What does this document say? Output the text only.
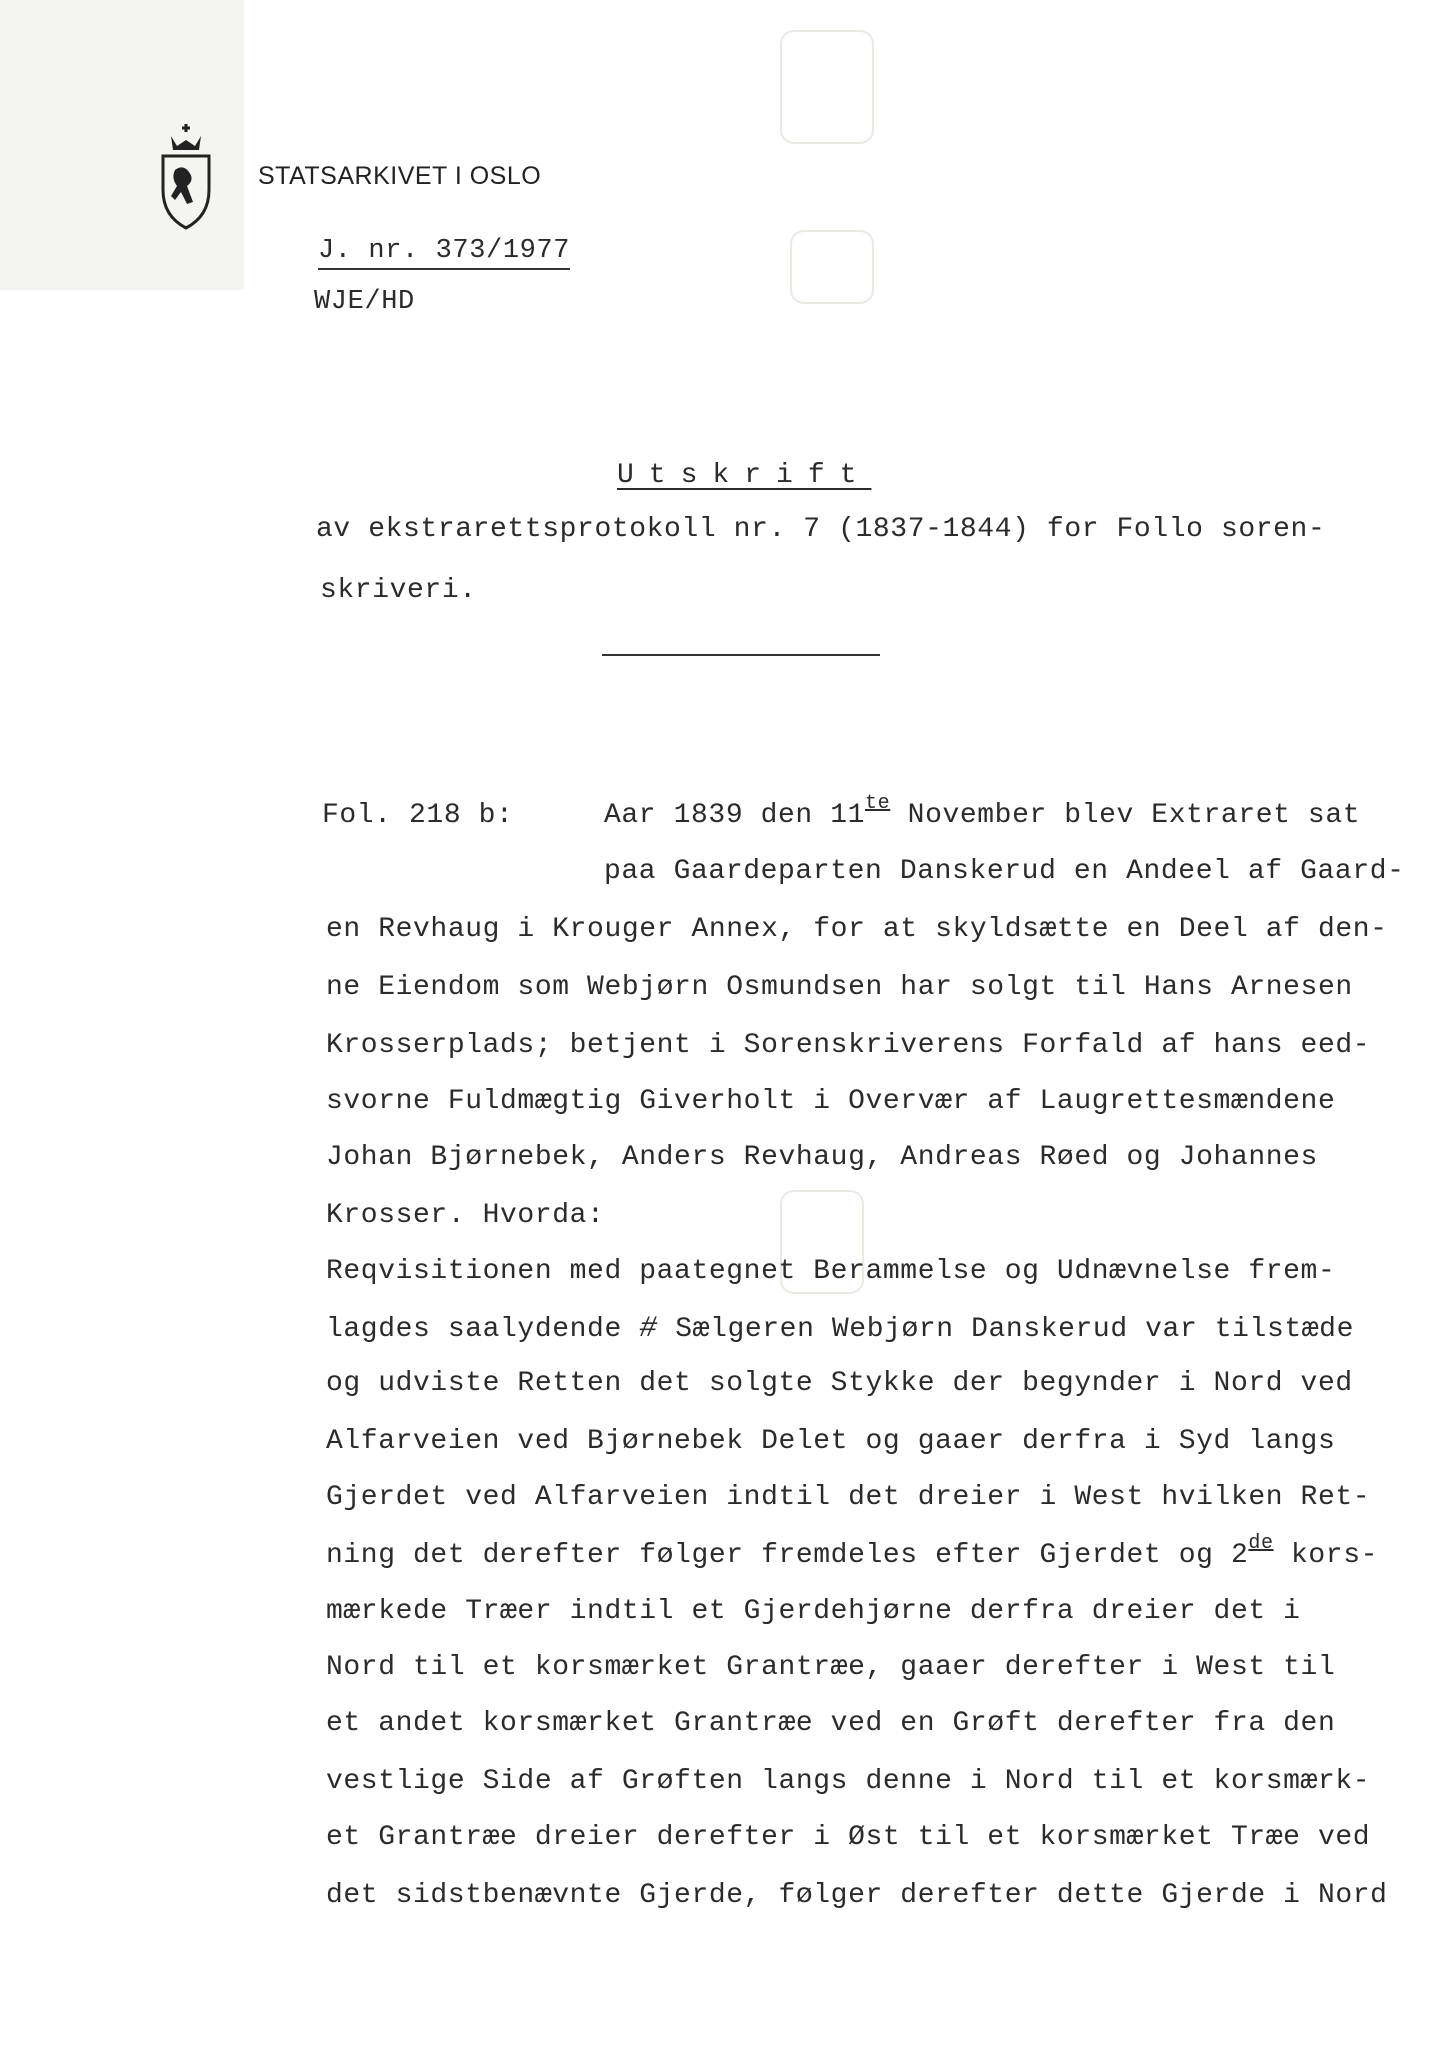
STATSARKIVET I OSLO
J. nr. 373/1977
WJE/HD
Utskrift
av ekstrarettsprotokoll nr. 7 (1837-1844) for Follo soren-
skriveri.
Fol. 218 b:	Aar 1839 den $11^{te}$ November blev Extraret sat
paa Gaardeparten Danskerud en Andeel af Gaard-
en Revhaug i Krouger Annex, for at skyldsætte en Deel af den-
ne Eiendom som Webjørn Osmundsen har solgt til Hans Arnesen
Krosserplads; betjent i Sorenskriverens Forfald af hans eed-
svorne Fuldmægtig Giverholt i Overvær af Laugrettesmændene
Johan Bjørnebek, Anders Revhaug, Andreas Røed og Johannes
Krosser. Hvorda:
Reqvisitionen med paategnet Berammelse og Udnævnelse frem-
lagdes saalydende # Sælgeren Webjørn Danskerud var tilstæde
og udviste Retten det solgte Stykke der begynder i Nord ved
Alfarveien ved Bjørnebek Delet og gaaer derfra i Syd langs
Gjerdet ved Alfarveien indtil det dreier i West hvilken Ret-
ning det derefter følger fremdeles efter Gjerdet og 2de kors-
mærkede Træer indtil et Gjerdehjørne derfra dreier det i
Nord til et korsmærket Grantræe, gaaer derefter i West til
et andet korsmærket Grantræe ved en Grøft derefter fra den
vestlige Side af Grøften langs denne i Nord til et korsmærk-
et Grantræe dreier derefter i Øst til et korsmærket Træe ved
det sidstbenævnte Gjerde, følger derefter dette Gjerde i Nord
